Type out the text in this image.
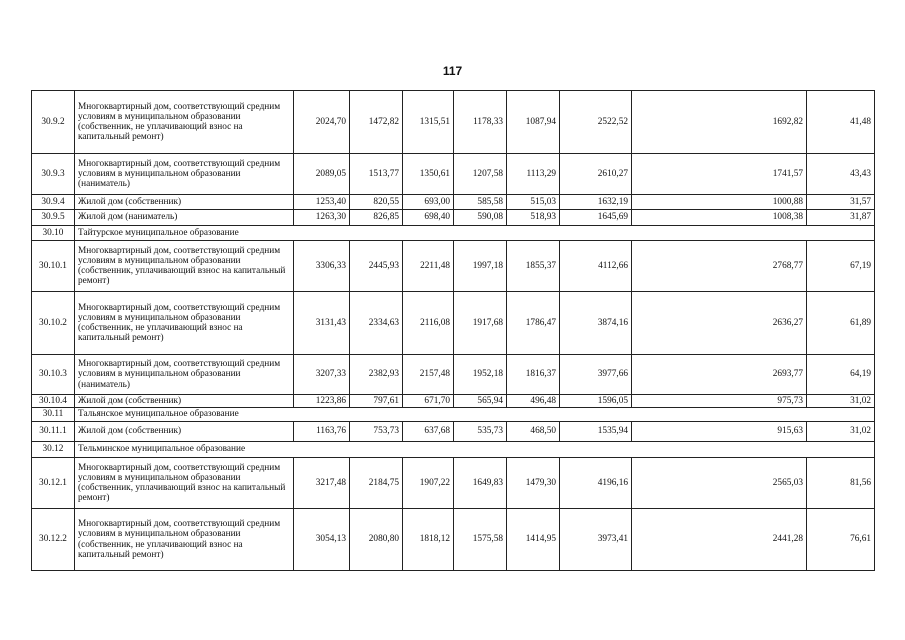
117
30.9.2	Многоквартирный дом, соответствующий средним условиям в муниципальном образовании (собственник, не уплачивающий взнос на капитальный ремонт)	2024,70	1472,82	1315,51	1178,33	1087,94	2522,52	1692,82	41,48
30.9.3	Многоквартирный дом, соответствующий средним условиям в муниципальном образовании (наниматель)	2089,05	1513,77	1350,61	1207,58	1113,29	2610,27	1741,57	43,43
30.9.4	Жилой дом (собственник)	1253,40	820,55	693,00	585,58	515,03	1632,19	1000,88	31,57
30.9.5	Жилой дом (наниматель)	1263,30	826,85	698,40	590,08	518,93	1645,69	1008,38	31,87
30.10	Тайтурское муниципальное образование								
30.10.1	Многоквартирный дом, соответствующий средним условиям в муниципальном образовании (собственник, уплачивающий взнос на капитальный ремонт)	3306,33	2445,93	2211,48	1997,18	1855,37	4112,66	2768,77	67,19
30.10.2	Многоквартирный дом, соответствующий средним условиям в муниципальном образовании (собственник, не уплачивающий взнос на капитальный ремонт)	3131,43	2334,63	2116,08	1917,68	1786,47	3874,16	2636,27	61,89
30.10.3	Многоквартирный дом, соответствующий средним условиям в муниципальном образовании (наниматель)	3207,33	2382,93	2157,48	1952,18	1816,37	3977,66	2693,77	64,19
30.10.4	Жилой дом (собственник)	1223,86	797,61	671,70	565,94	496,48	1596,05	975,73	31,02
30.11	Тальянское муниципальное образование								
30.11.1	Жилой дом (собственник)	1163,76	753,73	637,68	535,73	468,50	1535,94	915,63	31,02
30.12	Тельминское муниципальное образование								
30.12.1	Многоквартирный дом, соответствующий средним условиям в муниципальном образовании (собственник, уплачивающий взнос на капитальный ремонт)	3217,48	2184,75	1907,22	1649,83	1479,30	4196,16	2565,03	81,56
30.12.2	Многоквартирный дом, соответствующий средним условиям в муниципальном образовании (собственник, не уплачивающий взнос на капитальный ремонт)	3054,13	2080,80	1818,12	1575,58	1414,95	3973,41	2441,28	76,61
